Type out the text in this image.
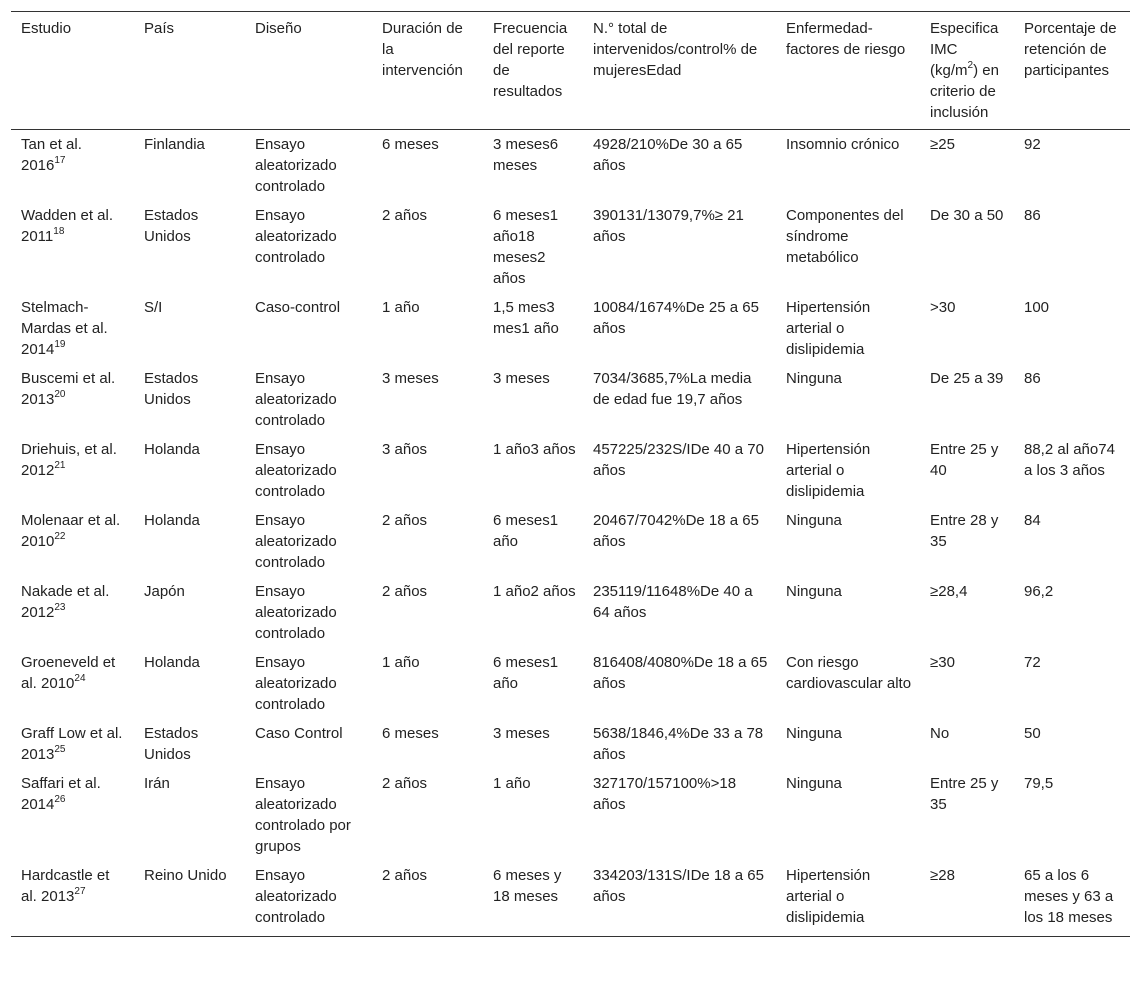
Estudio	País	Diseño	Duración de la intervención	Frecuencia del reporte de resultados	N.° total de intervenidos/control% de mujeresEdad	Enfermedad-factores de riesgo	Especifica IMC $(kg/m^2)$ en criterio de inclusión	Porcentaje de retención de participantes
Tan et al. 2016$^{17}$	Finlandia	Ensayo aleatorizado controlado	6 meses	3 meses6 meses	4928/210%De 30 a 65 años	Insomnio crónico	≥25	92
Wadden et al. 2011$^{18}$	Estados Unidos	Ensayo aleatorizado controlado	2 años	6 meses1 año18 meses2 años	390131/13079,7%≥ 21 años	Componentes del síndrome metabólico	De 30 a 50	86
Stelmach-Mardas et al. 2014$^{19}$	S/I	Caso-control	1 año	1,5 mes3 mes1 año	10084/1674%De 25 a 65 años	Hipertensión arterial o dislipidemia	>30	100
Buscemi et al. 2013$^{20}$	Estados Unidos	Ensayo aleatorizado controlado	3 meses	3 meses	7034/3685,7%La media de edad fue 19,7 años	Ninguna	De 25 a 39	86
Driehuis, et al. 2012$^{21}$	Holanda	Ensayo aleatorizado controlado	3 años	1 año3 años	457225/232S/IDe 40 a 70 años	Hipertensión arterial o dislipidemia	Entre 25 y 40	88,2 al año74 a los 3 años
Molenaar et al. 2010$^{22}$	Holanda	Ensayo aleatorizado controlado	2 años	6 meses1 año	20467/7042%De 18 a 65 años	Ninguna	Entre 28 y 35	84
Nakade et al. 2012$^{23}$	Japón	Ensayo aleatorizado controlado	2 años	1 año2 años	235119/11648%De 40 a 64 años	Ninguna	≥28,4	96,2
Groeneveld et al. 2010$^{24}$	Holanda	Ensayo aleatorizado controlado	1 año	6 meses1 año	816408/4080%De 18 a 65 años	Con riesgo cardiovascular alto	≥30	72
Graff Low et al. 2013$^{25}$	Estados Unidos	Caso Control	6 meses	3 meses	5638/1846,4%De 33 a 78 años	Ninguna	No	50
Saffari et al. 2014$^{26}$	Irán	Ensayo aleatorizado controlado por grupos	2 años	1 año	327170/157100%>18 años	Ninguna	Entre 25 y 35	79,5
Hardcastle et al. 2013$^{27}$	Reino Unido	Ensayo aleatorizado controlado	2 años	6 meses y 18 meses	334203/131S/IDe 18 a 65 años	Hipertensión arterial o dislipidemia	≥28	65 a los 6 meses y 63 a los 18 meses
